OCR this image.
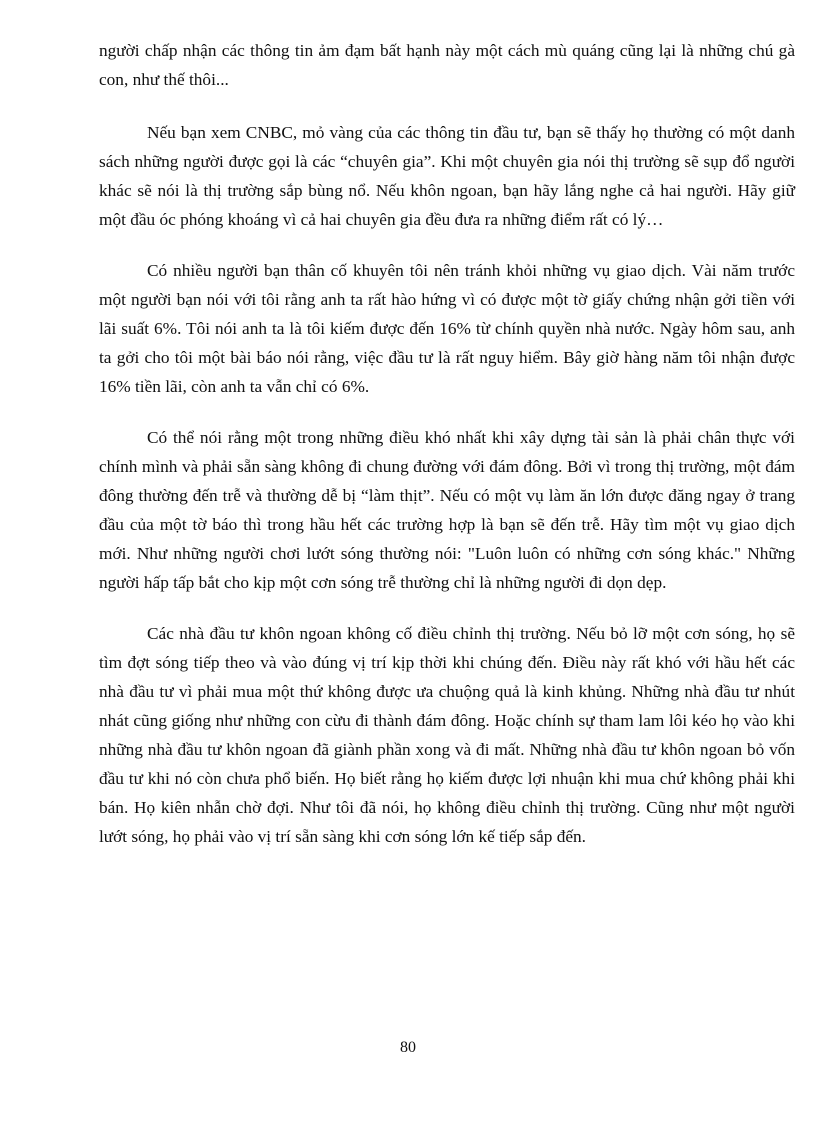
người chấp nhận các thông tin ảm đạm bất hạnh này một cách mù quáng cũng lại là những chú gà con, như thế thôi...

Nếu bạn xem CNBC, mỏ vàng của các thông tin đầu tư, bạn sẽ thấy họ thường có một danh sách những người được gọi là các “chuyên gia”. Khi một chuyên gia nói thị trường sẽ sụp đổ người khác sẽ nói là thị trường sắp bùng nổ. Nếu khôn ngoan, bạn hãy lắng nghe cả hai người. Hãy giữ một đầu óc phóng khoáng vì cả hai chuyên gia đều đưa ra những điểm rất có lý…

Có nhiều người bạn thân cố khuyên tôi nên tránh khỏi những vụ giao dịch. Vài năm trước một người bạn nói với tôi rằng anh ta rất hào hứng vì có được một tờ giấy chứng nhận gởi tiền với lãi suất 6%. Tôi nói anh ta là tôi kiếm được đến 16% từ chính quyền nhà nước. Ngày hôm sau, anh ta gởi cho tôi một bài báo nói rằng, việc đầu tư là rất nguy hiểm. Bây giờ hàng năm tôi nhận được 16% tiền lãi, còn anh ta vẫn chỉ có 6%.

Có thể nói rằng một trong những điều khó nhất khi xây dựng tài sản là phải chân thực với chính mình và phải sẵn sàng không đi chung đường với đám đông. Bởi vì trong thị trường, một đám đông thường đến trễ và thường dễ bị “làm thịt”. Nếu có một vụ làm ăn lớn được đăng ngay ở trang đầu của một tờ báo thì trong hầu hết các trường hợp là bạn sẽ đến trễ. Hãy tìm một vụ giao dịch mới. Như những người chơi lướt sóng thường nói: "Luôn luôn có những cơn sóng khác." Những người hấp tấp bắt cho kịp một cơn sóng trễ thường chỉ là những người đi dọn dẹp.

Các nhà đầu tư khôn ngoan không cố điều chỉnh thị trường. Nếu bỏ lỡ một cơn sóng, họ sẽ tìm đợt sóng tiếp theo và vào đúng vị trí kịp thời khi chúng đến. Điều này rất khó với hầu hết các nhà đầu tư vì phải mua một thứ không được ưa chuộng quả là kinh khủng. Những nhà đầu tư nhút nhát cũng giống như những con cừu đi thành đám đông. Hoặc chính sự tham lam lôi kéo họ vào khi những nhà đầu tư khôn ngoan đã giành phần xong và đi mất. Những nhà đầu tư khôn ngoan bỏ vốn đầu tư khi nó còn chưa phổ biến. Họ biết rằng họ kiếm được lợi nhuận khi mua chứ không phải khi bán. Họ kiên nhẫn chờ đợi. Như tôi đã nói, họ không điều chỉnh thị trường. Cũng như một người lướt sóng, họ phải vào vị trí sẵn sàng khi cơn sóng lớn kế tiếp sắp đến.

80
